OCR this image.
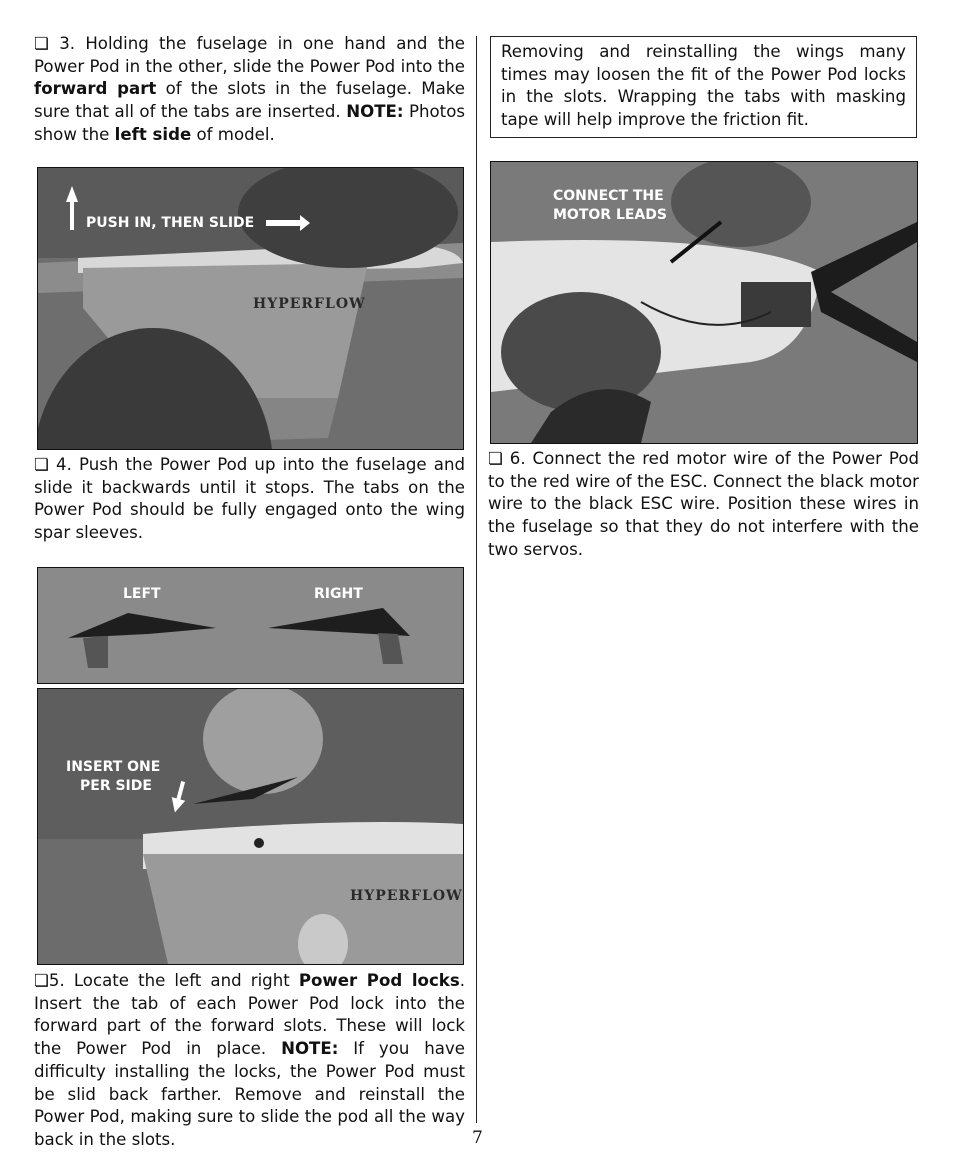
❏ 3. Holding the fuselage in one hand and the Power Pod in the other, slide the Power Pod into the forward part of the slots in the fuselage. Make sure that all of the tabs are inserted. NOTE: Photos show the left side of model.

PUSH IN, THEN SLIDE
HYPERFLOW

❏ 4. Push the Power Pod up into the fuselage and slide it backwards until it stops. The tabs on the Power Pod should be fully engaged onto the wing spar sleeves.

LEFT	RIGHT
INSERT ONE
PER SIDE
HYPERFLOW

❏5. Locate the left and right Power Pod locks. Insert the tab of each Power Pod lock into the forward part of the forward slots. These will lock the Power Pod in place. NOTE: If you have difficulty installing the locks, the Power Pod must be slid back farther. Remove and reinstall the Power Pod, making sure to slide the pod all the way back in the slots.

Removing and reinstalling the wings many times may loosen the fit of the Power Pod locks in the slots. Wrapping the tabs with masking tape will help improve the friction fit.

CONNECT THE
MOTOR LEADS

❏ 6. Connect the red motor wire of the Power Pod to the red wire of the ESC. Connect the black motor wire to the black ESC wire. Position these wires in the fuselage so that they do not interfere with the two servos.

7
